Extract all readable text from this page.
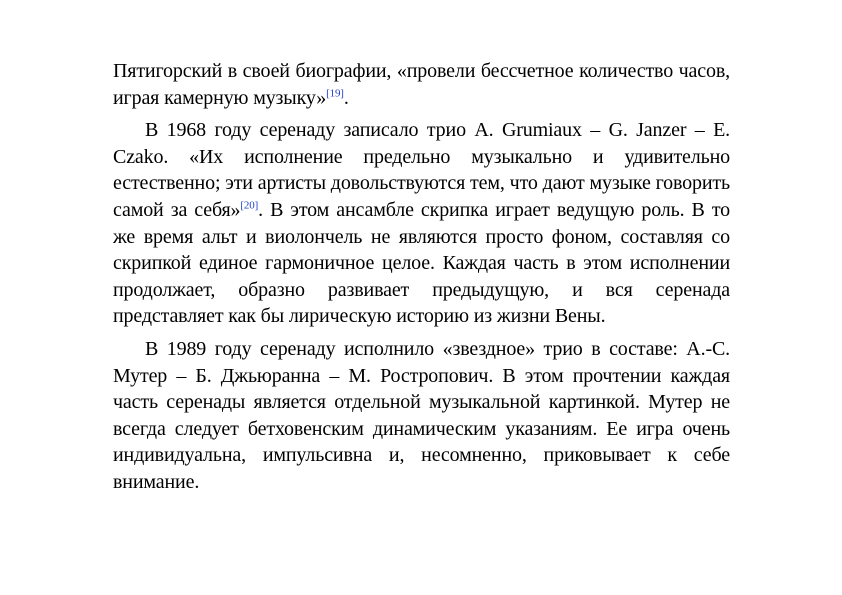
Пятигорский в своей биографии, «провели бессчетное количество часов, играя камерную музыку»[19].

В 1968 году серенаду записало трио A. Grumiaux – G. Janzer – E. Czako. «Их исполнение предельно музыкально и удивительно естественно; эти артисты довольствуются тем, что дают музыке говорить самой за себя»[20]. В этом ансамбле скрипка играет ведущую роль. В то же время альт и виолончель не являются просто фоном, составляя со скрипкой единое гармоничное целое. Каждая часть в этом исполнении продолжает, образно развивает предыдущую, и вся серенада представляет как бы лирическую историю из жизни Вены.

В 1989 году серенаду исполнило «звездное» трио в составе: А.-С. Мутер – Б. Джьюранна – М. Ростропович. В этом прочтении каждая часть серенады является отдельной музыкальной картинкой. Мутер не всегда следует бетховенским динамическим указаниям. Ее игра очень индивидуальна, импульсивна и, несомненно, приковывает к себе внимание.
